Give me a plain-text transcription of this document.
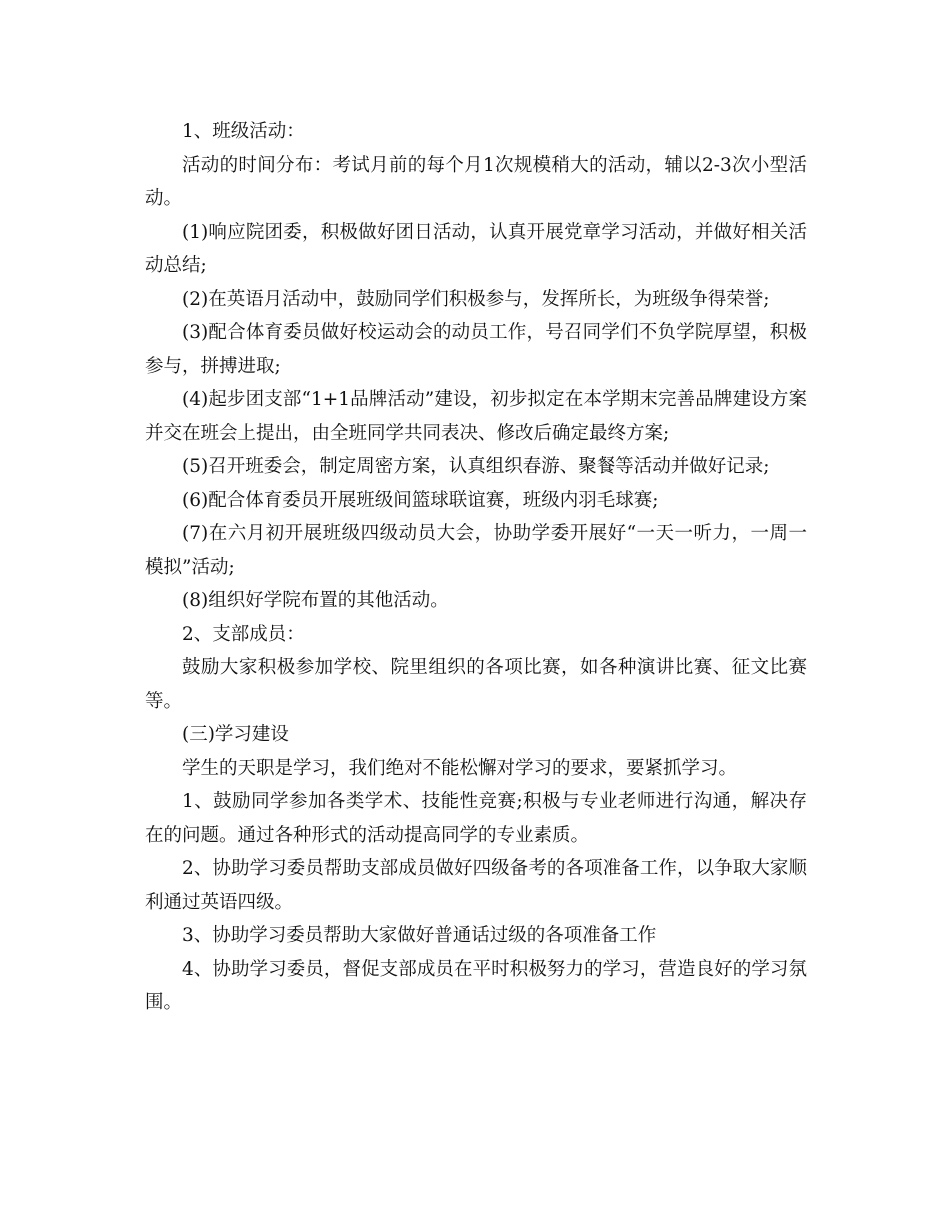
1、班级活动：

活动的时间分布：考试月前的每个月1次规模稍大的活动，辅以2-3次小型活动。

(1)响应院团委，积极做好团日活动，认真开展党章学习活动，并做好相关活动总结;

(2)在英语月活动中，鼓励同学们积极参与，发挥所长，为班级争得荣誉;

(3)配合体育委员做好校运动会的动员工作，号召同学们不负学院厚望，积极参与，拼搏进取;

(4)起步团支部“1+1品牌活动”建设，初步拟定在本学期末完善品牌建设方案并交在班会上提出，由全班同学共同表决、修改后确定最终方案;

(5)召开班委会，制定周密方案，认真组织春游、聚餐等活动并做好记录;

(6)配合体育委员开展班级间篮球联谊赛，班级内羽毛球赛;

(7)在六月初开展班级四级动员大会，协助学委开展好“一天一听力，一周一模拟”活动;

(8)组织好学院布置的其他活动。

2、支部成员：

鼓励大家积极参加学校、院里组织的各项比赛，如各种演讲比赛、征文比赛等。

(三)学习建设

学生的天职是学习，我们绝对不能松懈对学习的要求，要紧抓学习。

1、鼓励同学参加各类学术、技能性竞赛;积极与专业老师进行沟通，解决存在的问题。通过各种形式的活动提高同学的专业素质。

2、协助学习委员帮助支部成员做好四级备考的各项准备工作，以争取大家顺利通过英语四级。

3、协助学习委员帮助大家做好普通话过级的各项准备工作

4、协助学习委员，督促支部成员在平时积极努力的学习，营造良好的学习氛围。
